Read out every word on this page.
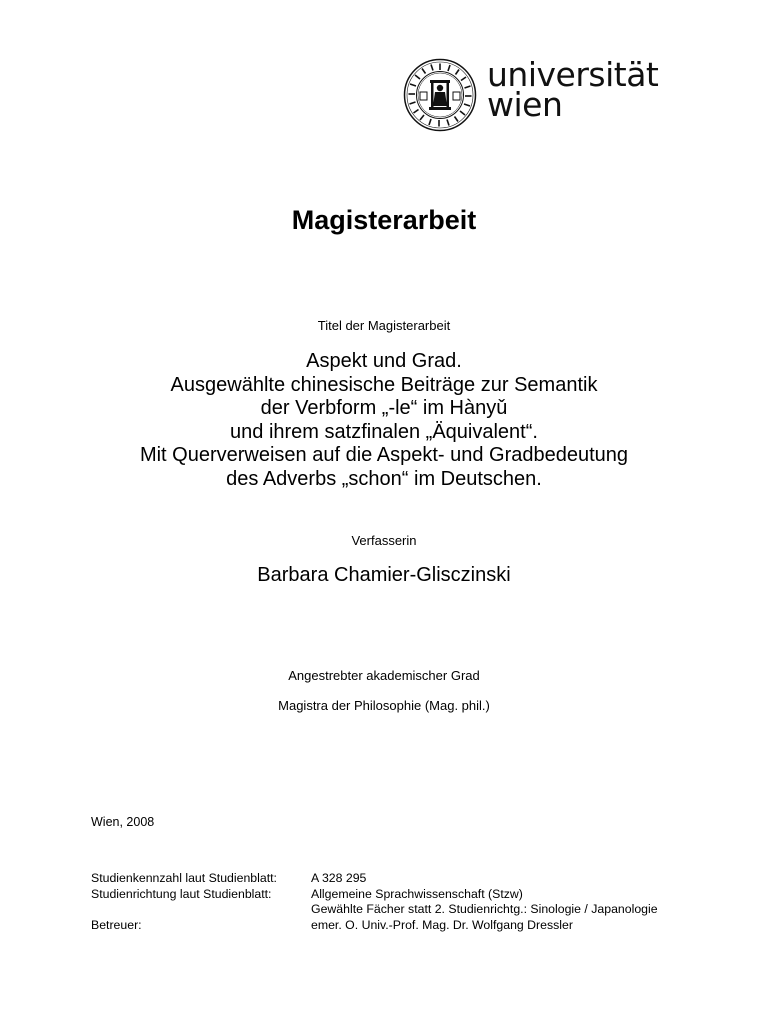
universität
wien
Magisterarbeit
Titel der Magisterarbeit
Aspekt und Grad.
Ausgewählte chinesische Beiträge zur Semantik
der Verbform „-le“ im Hànyǔ
und ihrem satzfinalen „Äquivalent“.
Mit Querverweisen auf die Aspekt- und Gradbedeutung
des Adverbs „schon“ im Deutschen.
Verfasserin
Barbara Chamier-Glisczinski
Angestrebter akademischer Grad
Magistra der Philosophie (Mag. phil.)
Wien, 2008
Studienkennzahl laut Studienblatt:	A 328 295
Studienrichtung laut Studienblatt:	Allgemeine Sprachwissenschaft (Stzw)
Gewählte Fächer statt 2. Studienrichtg.: Sinologie / Japanologie
Betreuer:	emer. O. Univ.-Prof. Mag. Dr. Wolfgang Dressler
